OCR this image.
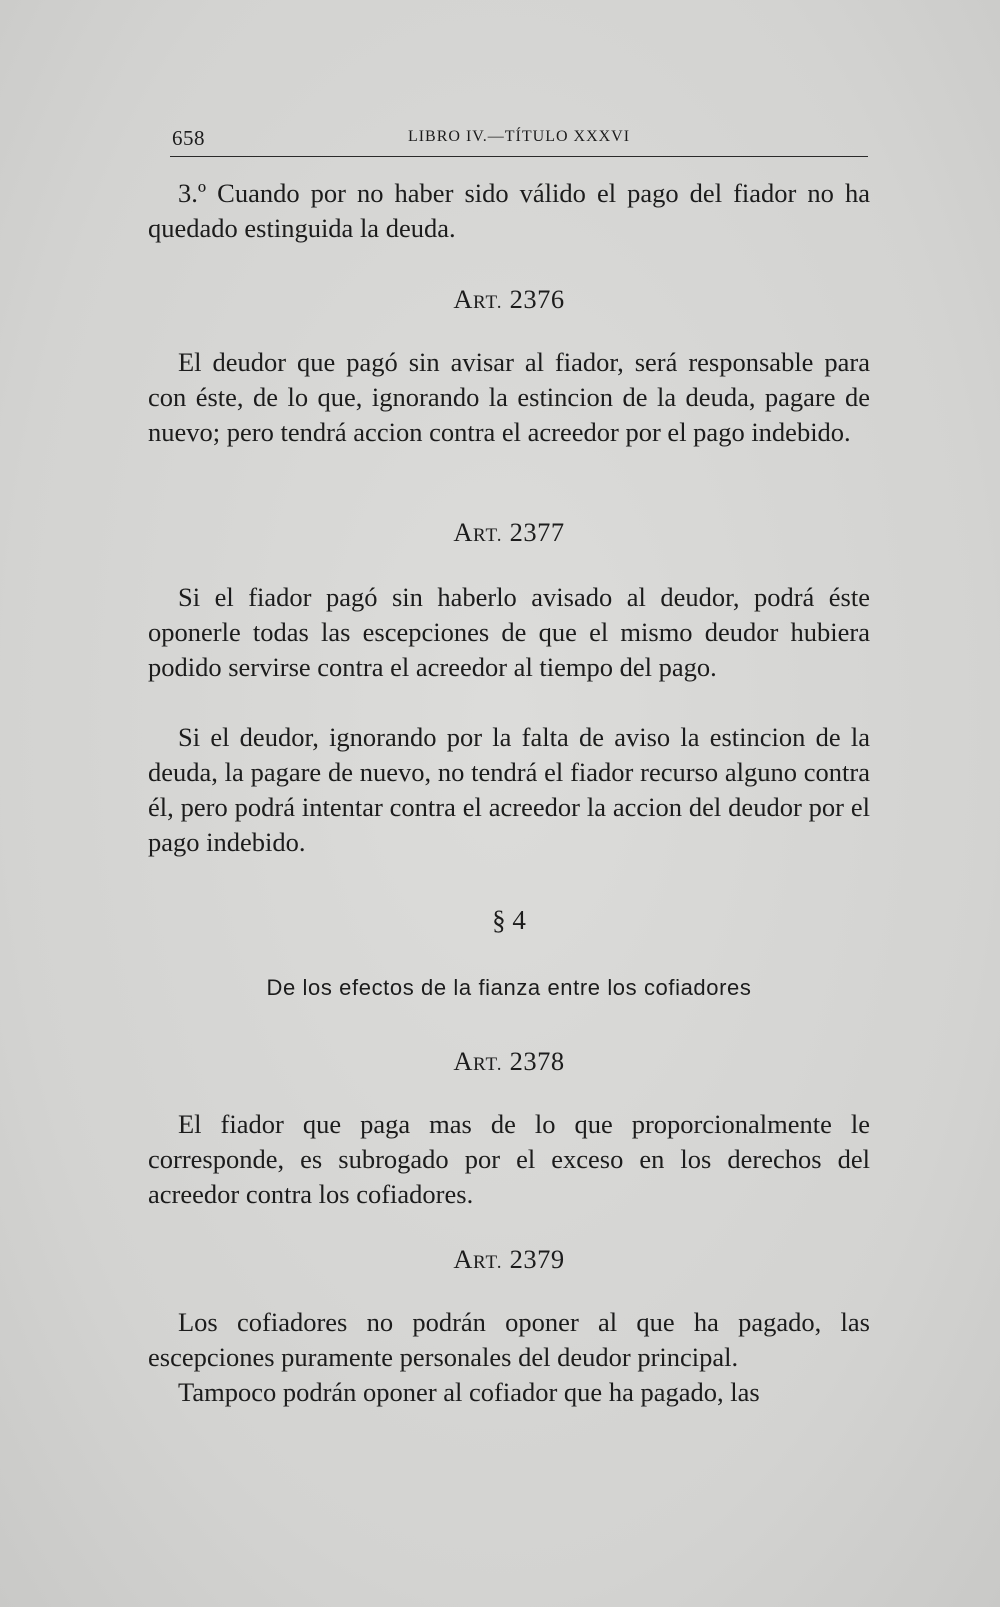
658	LIBRO IV.—TÍTULO XXXVI
3.º Cuando por no haber sido válido el pago del fiador no ha quedado estinguida la deuda.
ART. 2376
El deudor que pagó sin avisar al fiador, será responsable para con éste, de lo que, ignorando la estincion de la deuda, pagare de nuevo; pero tendrá accion contra el acreedor por el pago indebido.
ART. 2377
Si el fiador pagó sin haberlo avisado al deudor, podrá éste oponerle todas las escepciones de que el mismo deudor hubiera podido servirse contra el acreedor al tiempo del pago.
Si el deudor, ignorando por la falta de aviso la estincion de la deuda, la pagare de nuevo, no tendrá el fiador recurso alguno contra él, pero podrá intentar contra el acreedor la accion del deudor por el pago indebido.
§ 4
De los efectos de la fianza entre los cofiadores
ART. 2378
El fiador que paga mas de lo que proporcionalmente le corresponde, es subrogado por el exceso en los derechos del acreedor contra los cofiadores.
ART. 2379
Los cofiadores no podrán oponer al que ha pagado, las escepciones puramente personales del deudor principal.
Tampoco podrán oponer al cofiador que ha pagado, las
